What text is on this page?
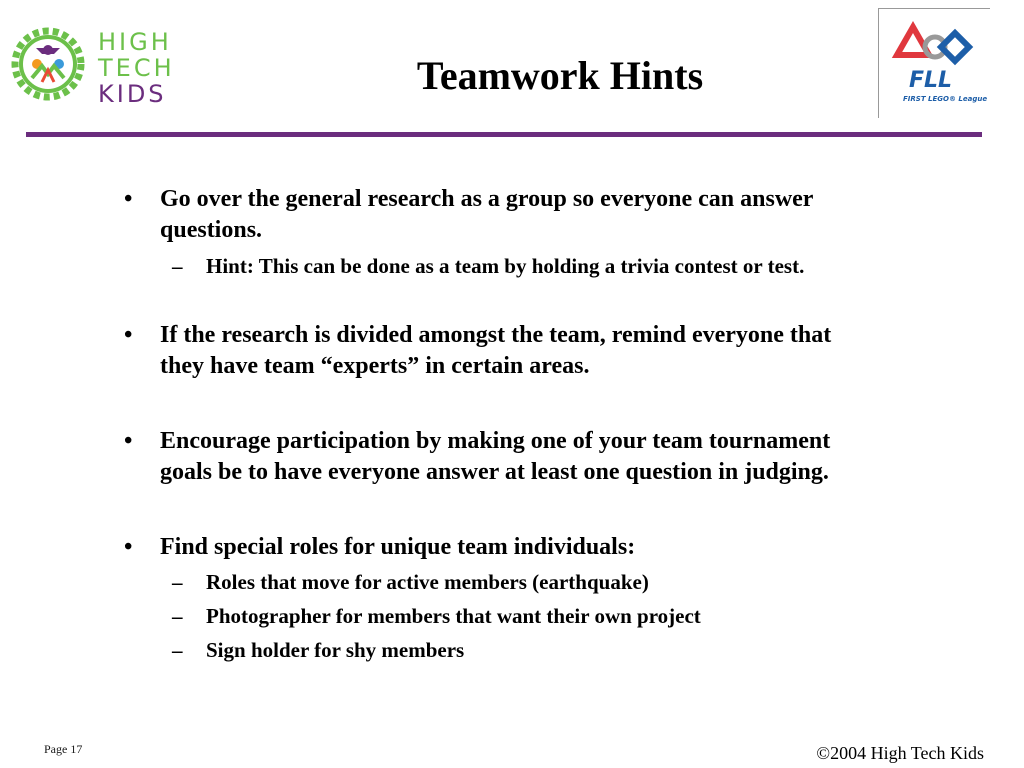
HIGH
TECH
KIDS	Teamwork Hints	FLL
FIRST LEGO® League
• Go over the general research as a group so everyone can answer
questions.
– Hint: This can be done as a team by holding a trivia contest or test.
• If the research is divided amongst the team, remind everyone that
they have team “experts” in certain areas.
• Encourage participation by making one of your team tournament
goals be to have everyone answer at least one question in judging.
• Find special roles for unique team individuals:
– Roles that move for active members (earthquake)
– Photographer for members that want their own project
– Sign holder for shy members
Page 17	©2004 High Tech Kids
